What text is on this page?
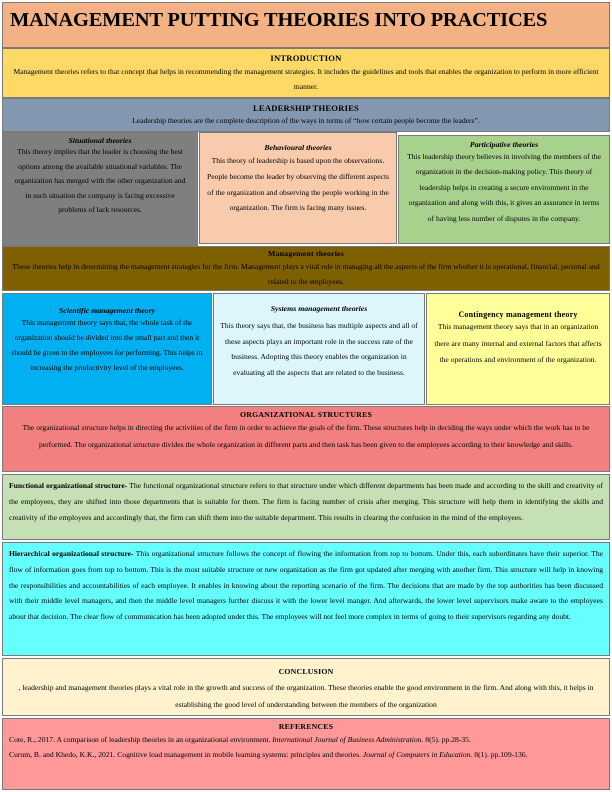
MANAGEMENT PUTTING THEORIES INTO PRACTICES
INTRODUCTION
Management theories refers to that concept that helps in recommending the management strategies. It includes the guidelines and tools that enables the organization to perform in more efficient manner.
LEADERSHIP THEORIES
Leadership theories are the complete description of the ways in terms of “how certain people become the leaders”.
Situational theories
This theory implies that the leader is choosing the best options among the available situational variables. The organization has merged with the other organization and in such situation the company is facing excessive problems of lack resources.
Behavioural theories
This theory of leadership is based upon the observations. People become the leader by observing the different aspects of the organization and observing the people working in the organization. The firm is facing many issues.
Participative theories
This leadership theory believes in involving the members of the organization in the decision-making policy. This theory of leadership helps in creating a secure environment in the organization and along with this, it gives an assurance in terms of having less number of disputes in the company.
Management theories
These theories help in determining the management strategies for the firm. Management plays a vital role in managing all the aspects of the firm whether it is operational, financial, personal and related to the employees.
Scientific management theory
This management theory says that, the whole task of the organization should be divided into the small part and then it should be given to the employees for performing. This helps in increasing the productivity level of the employees.
Systems management theories
This theory says that, the business has multiple aspects and all of these aspects plays an important role in the success rate of the business. Adopting this theory enables the organization in evaluating all the aspects that are related to the business.
Contingency management theory
This management theory says that in an organization there are many internal and external factors that affects the operations and environment of the organization.
ORGANIZATIONAL STRUCTURES
The organizational structure helps in directing the activities of the firm in order to achieve the goals of the firm. These structures help in deciding the ways under which the work has to be performed. The organizational structure divides the whole organization in different parts and then task has been given to the employees according to their knowledge and skills.
Functional organizational structure- The functional organizational structure refers to that structure under which different departments has been made and according to the skill and creativity of the employees, they are shifted into those departments that is suitable for them. The firm is facing number of crisis after merging. This structure will help them in identifying the skills and creativity of the employees and accordingly that, the firm can shift them into the suitable department. This results in clearing the confusion in the mind of the employees.
Hierarchical organizational structure- This organizational structure follows the concept of flowing the information from top to bottom. Under this, each subordinates have their superior. The flow of information goes from top to bottom. This is the most suitable structure or new organization as the firm got updated after merging with another firm. This structure will help in knowing the responsibilities and accountabilities of each employee. It enables in knowing about the reporting scenario of the firm. The decisions that are made by the top authorities has been discussed with their middle level managers, and then the middle level managers further discuss it with the lower level manger. And afterwards, the lower level supervisors make aware to the employees about that decision. The clear flow of communication has been adopted under this. The employees will not feel more complex in terms of going to their supervisors regarding any doubt.
CONCLUSION
, leadership and management theories plays a vital role in the growth and success of the organization. These theories enable the good environment in the firm. And along with this, it helps in establishing the good level of understanding between the members of the organization
REFERENCES
Cote, R., 2017. A comparison of leadership theories in an organizational environment. International Journal of Business Administration. 8(5). pp.28-35.
Curum, B. and Khedo, K.K., 2021. Cognitive load management in mobile learning systems: principles and theories. Journal of Computers in Education. 8(1). pp.109-136.
